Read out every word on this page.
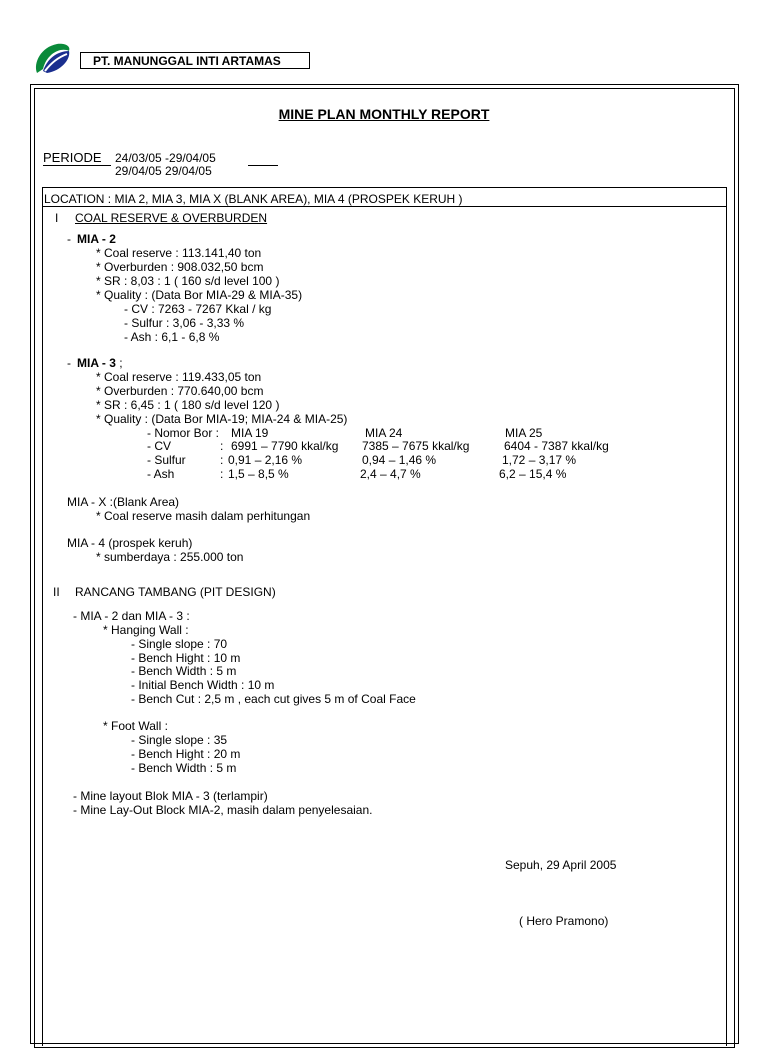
PT. MANUNGGAL INTI ARTAMAS
MINE PLAN MONTHLY REPORT
PERIODE 24/03/05 -29/04/05
29/04/05 29/04/05
LOCATION : MIA 2, MIA 3, MIA X (BLANK AREA), MIA 4 (PROSPEK KERUH )
I COAL RESERVE & OVERBURDEN
- MIA - 2
* Coal reserve : 113.141,40 ton
* Overburden : 908.032,50 bcm
* SR : 8,03 : 1 ( 160 s/d level 100 )
* Quality : (Data Bor MIA-29 & MIA-35)
- CV : 7263 - 7267 Kkal / kg
- Sulfur : 3,06 - 3,33 %
- Ash : 6,1 - 6,8 %
- MIA - 3 ;
* Coal reserve : 119.433,05 ton
* Overburden : 770.640,00 bcm
* SR : 6,45 : 1 ( 180 s/d level 120 )
* Quality : (Data Bor MIA-19; MIA-24 & MIA-25)
- Nomor Bor :
- CV
- Sulfur
- Ash
:
:
:
MIA 19
6991 – 7790 kkal/kg
0,91 – 2,16 %
1,5 – 8,5 %
MIA 24
7385 – 7675 kkal/kg
0,94 – 1,46 %
2,4 – 4,7 %
MIA 25
6404 - 7387 kkal/kg
1,72 – 3,17 %
6,2 – 15,4 %
MIA - X :(Blank Area)
* Coal reserve masih dalam perhitungan
MIA - 4 (prospek keruh)
* sumberdaya : 255.000 ton
II RANCANG TAMBANG (PIT DESIGN)
- MIA - 2 dan MIA - 3 :
* Hanging Wall :
- Single slope : 70
- Bench Hight : 10 m
- Bench Width : 5 m
- Initial Bench Width : 10 m
- Bench Cut : 2,5 m , each cut gives 5 m of Coal Face
* Foot Wall :
- Single slope : 35
- Bench Hight : 20 m
- Bench Width : 5 m
- Mine layout Blok MIA - 3 (terlampir)
- Mine Lay-Out Block MIA-2, masih dalam penyelesaian.
Sepuh, 29 April 2005
( Hero Pramono)
